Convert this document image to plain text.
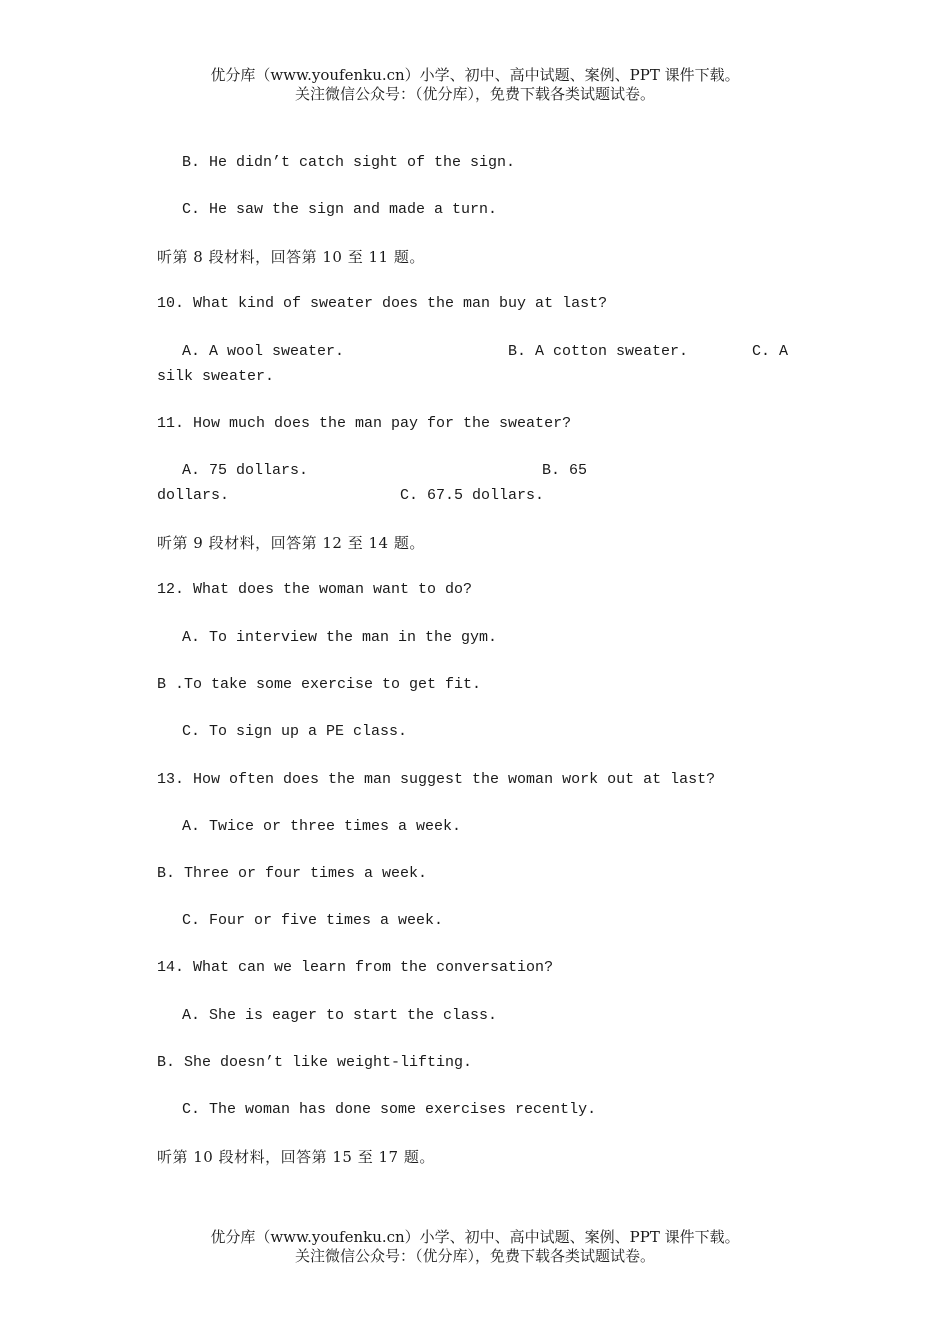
优分库（www.youfenku.cn）小学、初中、高中试题、案例、PPT 课件下载。
关注微信公众号：（优分库），免费下载各类试题试卷。
B. He didn’t catch sight of the sign.
C. He saw the sign and made a turn.
听第 8 段材料，回答第 10 至 11 题。
10. What kind of sweater does the man buy at last?
A. A wool sweater.	B. A cotton sweater.	C. A
silk sweater.
11. How much does the man pay for the sweater?
A. 75 dollars.	B. 65
dollars.	C. 67.5 dollars.
听第 9 段材料，回答第 12 至 14 题。
12. What does the woman want to do?
A. To interview the man in the gym.
B .To take some exercise to get fit.
C. To sign up a PE class.
13. How often does the man suggest the woman work out at last?
A. Twice or three times a week.
B. Three or four times a week.
C. Four or five times a week.
14. What can we learn from the conversation?
A. She is eager to start the class.
B. She doesn’t like weight-lifting.
C. The woman has done some exercises recently.
听第 10 段材料，回答第 15 至 17 题。
优分库（www.youfenku.cn）小学、初中、高中试题、案例、PPT 课件下载。
关注微信公众号：（优分库），免费下载各类试题试卷。
